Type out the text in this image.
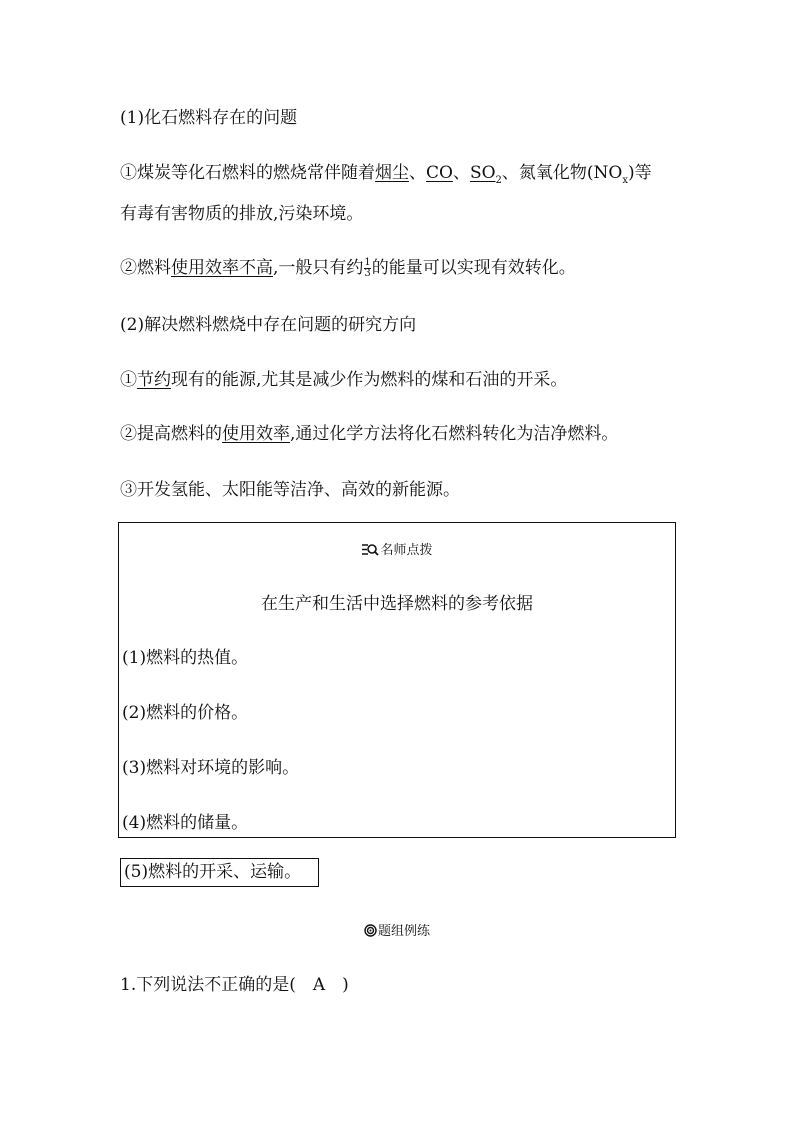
(1)化石燃料存在的问题
①煤炭等化石燃料的燃烧常伴随着烟尘、CO、$SO_2$、氮氧化物$(NO_x)$等
有毒有害物质的排放,污染环境。
②燃料使用效率不高,一般只有约 $\frac{1}{3}$ 的能量可以实现有效转化。
(2)解决燃料燃烧中存在问题的研究方向
①节约现有的能源,尤其是减少作为燃料的煤和石油的开采。
②提高燃料的使用效率,通过化学方法将化石燃料转化为洁净燃料。
③开发氢能、太阳能等洁净、高效的新能源。
名师点拨
在生产和生活中选择燃料的参考依据
(1)燃料的热值。
(2)燃料的价格。
(3)燃料对环境的影响。
(4)燃料的储量。
(5)燃料的开采、运输。
题组例练
1.下列说法不正确的是(　A　)
